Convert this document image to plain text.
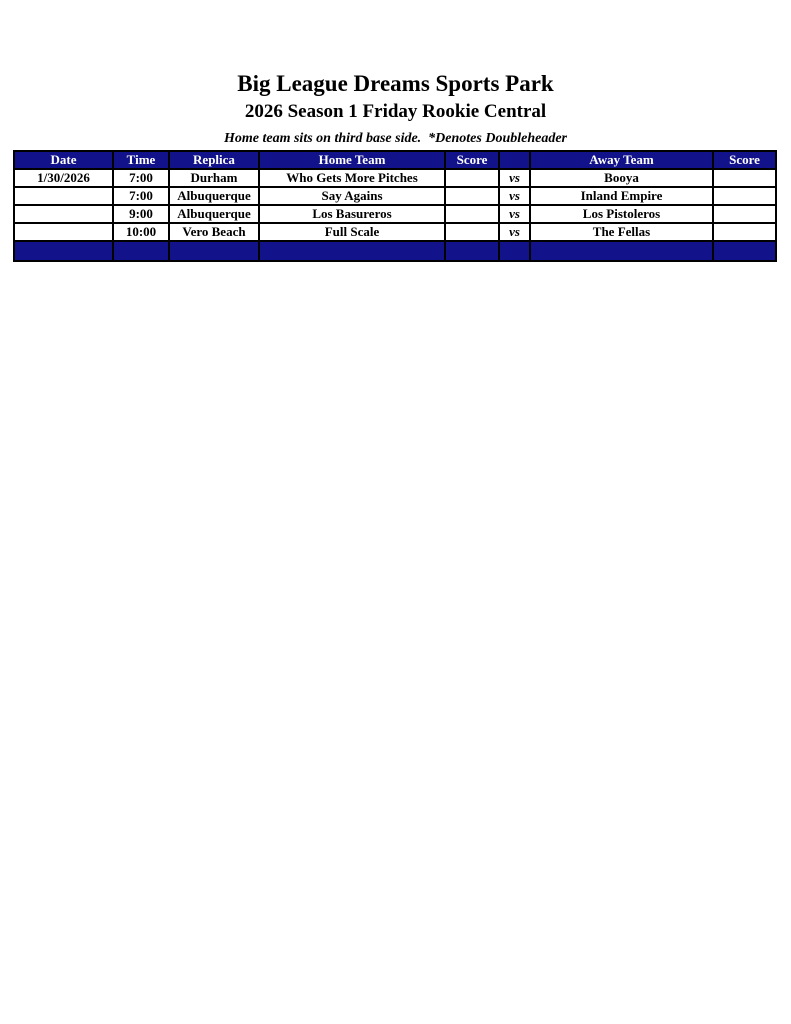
Big League Dreams Sports Park
2026 Season 1 Friday Rookie Central
Home team sits on third base side.  *Denotes Doubleheader
Date	Time	Replica	Home Team	Score		Away Team	Score
1/30/2026	7:00	Durham	Who Gets More Pitches		vs	Booya	
	7:00	Albuquerque	Say Agains		vs	Inland Empire	
	9:00	Albuquerque	Los Basureros		vs	Los Pistoleros	
	10:00	Vero Beach	Full Scale		vs	The Fellas	
